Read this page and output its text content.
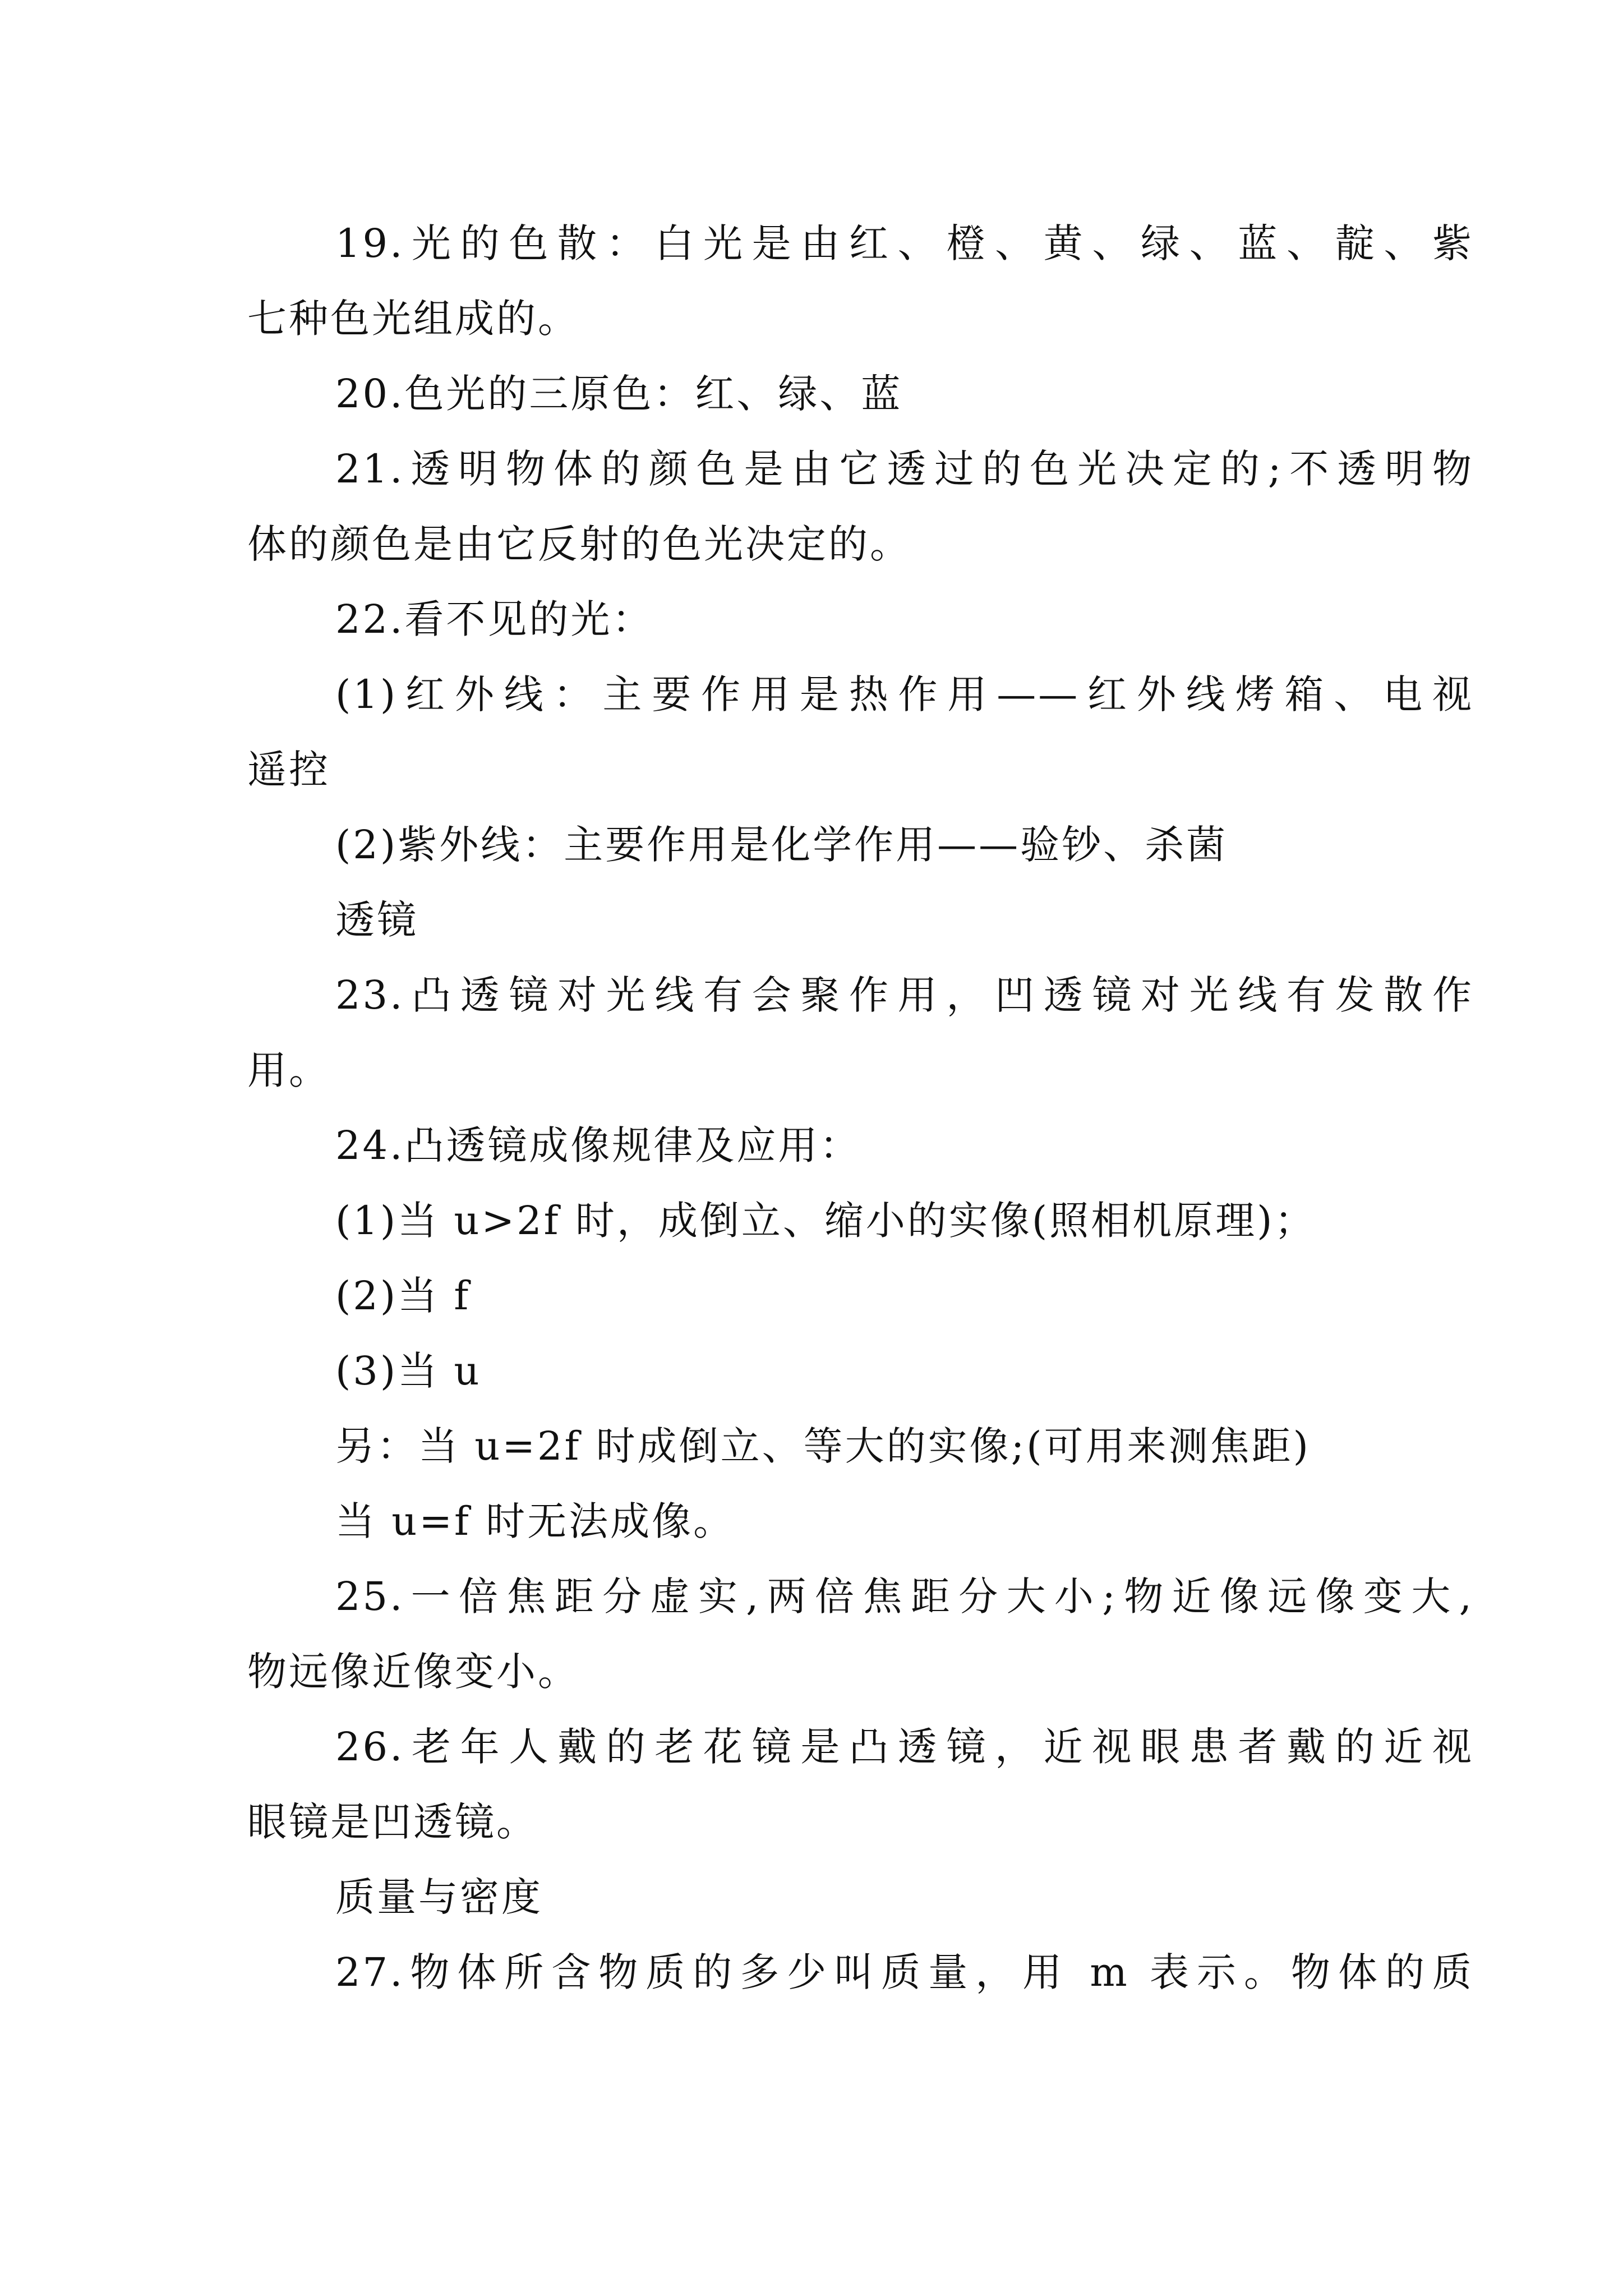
19.光的色散：白光是由红、橙、黄、绿、蓝、靛、紫
七种色光组成的。
20.色光的三原色：红、绿、蓝
21.透明物体的颜色是由它透过的色光决定的;不透明物
体的颜色是由它反射的色光决定的。
22.看不见的光：
(1)红外线：主要作用是热作用——红外线烤箱、电视
遥控
(2)紫外线：主要作用是化学作用——验钞、杀菌
透镜
23.凸透镜对光线有会聚作用，凹透镜对光线有发散作
用。
24.凸透镜成像规律及应用：
(1)当 u>2f 时，成倒立、缩小的实像(照相机原理)；
(2)当 f
(3)当 u
另：当 u=2f 时成倒立、等大的实像;(可用来测焦距)
当 u=f 时无法成像。
25.一倍焦距分虚实,两倍焦距分大小;物近像远像变大,
物远像近像变小。
26.老年人戴的老花镜是凸透镜，近视眼患者戴的近视
眼镜是凹透镜。
质量与密度
27.物体所含物质的多少叫质量，用 m 表示。物体的质
